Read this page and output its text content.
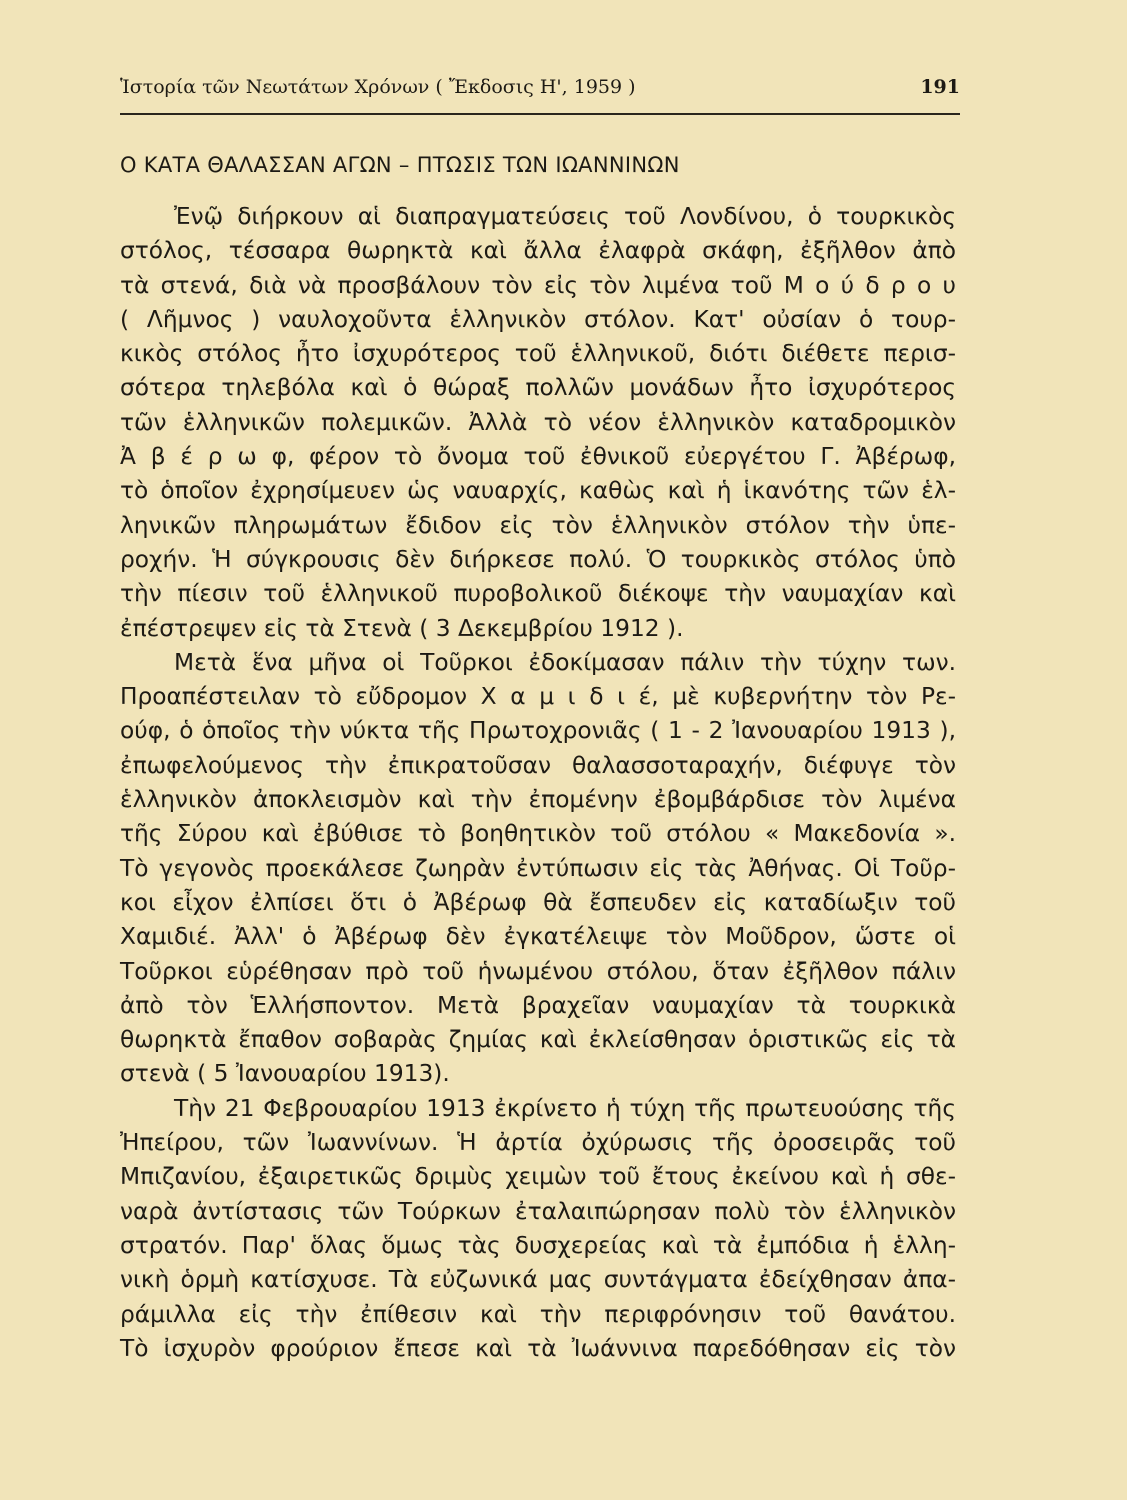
Ἱστορία τῶν Νεωτάτων Χρόνων ( Ἔκδοσις Η', 1959 )	191
Ο ΚΑΤΑ ΘΑΛΑΣΣΑΝ ΑΓΩΝ – ΠΤΩΣΙΣ ΤΩΝ ΙΩΑΝΝΙΝΩΝ
Ἐνῷ διήρκουν αἱ διαπραγματεύσεις τοῦ Λονδίνου, ὁ τουρκικὸς
στόλος, τέσσαρα θωρηκτὰ καὶ ἄλλα ἐλαφρὰ σκάφη, ἐξῆλθον ἀπὸ
τὰ στενά, διὰ νὰ προσβάλουν τὸν εἰς τὸν λιμένα τοῦ Μ ο ύ δ ρ ο υ
( Λῆμνος ) ναυλοχοῦντα ἑλληνικὸν στόλον. Κατ' οὐσίαν ὁ τουρ-
κικὸς στόλος ἦτο ἰσχυρότερος τοῦ ἑλληνικοῦ, διότι διέθετε περισ-
σότερα τηλεβόλα καὶ ὁ θώραξ πολλῶν μονάδων ἦτο ἰσχυρότερος
τῶν ἑλληνικῶν πολεμικῶν. Ἀλλὰ τὸ νέον ἑλληνικὸν καταδρομικὸν
Ἀ β έ ρ ω φ, φέρον τὸ ὄνομα τοῦ ἐθνικοῦ εὐεργέτου Γ. Ἀβέρωφ,
τὸ ὁποῖον ἐχρησίμευεν ὡς ναυαρχίς, καθὼς καὶ ἡ ἱκανότης τῶν ἑλ-
ληνικῶν πληρωμάτων ἔδιδον εἰς τὸν ἑλληνικὸν στόλον τὴν ὑπε-
ροχήν. Ἡ σύγκρουσις δὲν διήρκεσε πολύ. Ὁ τουρκικὸς στόλος ὑπὸ
τὴν πίεσιν τοῦ ἑλληνικοῦ πυροβολικοῦ διέκοψε τὴν ναυμαχίαν καὶ
ἐπέστρεψεν εἰς τὰ Στενὰ ( 3 Δεκεμβρίου 1912 ).
Μετὰ ἕνα μῆνα οἱ Τοῦρκοι ἐδοκίμασαν πάλιν τὴν τύχην των.
Προαπέστειλαν τὸ εὔδρομον Χ α μ ι δ ι έ, μὲ κυβερνήτην τὸν Ρε-
ούφ, ὁ ὁποῖος τὴν νύκτα τῆς Πρωτοχρονιᾶς ( 1 - 2 Ἰανουαρίου 1913 ),
ἐπωφελούμενος τὴν ἐπικρατοῦσαν θαλασσοταραχήν, διέφυγε τὸν
ἑλληνικὸν ἀποκλεισμὸν καὶ τὴν ἐπομένην ἐβομβάρδισε τὸν λιμένα
τῆς Σύρου καὶ ἐβύθισε τὸ βοηθητικὸν τοῦ στόλου « Μακεδονία ».
Τὸ γεγονὸς προεκάλεσε ζωηρὰν ἐντύπωσιν εἰς τὰς Ἀθήνας. Οἱ Τοῦρ-
κοι εἶχον ἐλπίσει ὅτι ὁ Ἀβέρωφ θὰ ἔσπευδεν εἰς καταδίωξιν τοῦ
Χαμιδιέ. Ἀλλ' ὁ Ἀβέρωφ δὲν ἐγκατέλειψε τὸν Μοῦδρον, ὥστε οἱ
Τοῦρκοι εὑρέθησαν πρὸ τοῦ ἡνωμένου στόλου, ὅταν ἐξῆλθον πάλιν
ἀπὸ τὸν Ἑλλήσποντον. Μετὰ βραχεῖαν ναυμαχίαν τὰ τουρκικὰ
θωρηκτὰ ἔπαθον σοβαρὰς ζημίας καὶ ἐκλείσθησαν ὁριστικῶς εἰς τὰ
στενὰ ( 5 Ἰανουαρίου 1913).
Τὴν 21 Φεβρουαρίου 1913 ἐκρίνετο ἡ τύχη τῆς πρωτευούσης τῆς
Ἠπείρου, τῶν Ἰωαννίνων. Ἡ ἀρτία ὀχύρωσις τῆς ὀροσειρᾶς τοῦ
Μπιζανίου, ἐξαιρετικῶς δριμὺς χειμὼν τοῦ ἔτους ἐκείνου καὶ ἡ σθε-
ναρὰ ἀντίστασις τῶν Τούρκων ἐταλαιπώρησαν πολὺ τὸν ἑλληνικὸν
στρατόν. Παρ' ὅλας ὅμως τὰς δυσχερείας καὶ τὰ ἐμπόδια ἡ ἑλλη-
νικὴ ὁρμὴ κατίσχυσε. Τὰ εὐζωνικά μας συντάγματα ἐδείχθησαν ἀπα-
ράμιλλα εἰς τὴν ἐπίθεσιν καὶ τὴν περιφρόνησιν τοῦ θανάτου.
Τὸ ἰσχυρὸν φρούριον ἔπεσε καὶ τὰ Ἰωάννινα παρεδόθησαν εἰς τὸν
